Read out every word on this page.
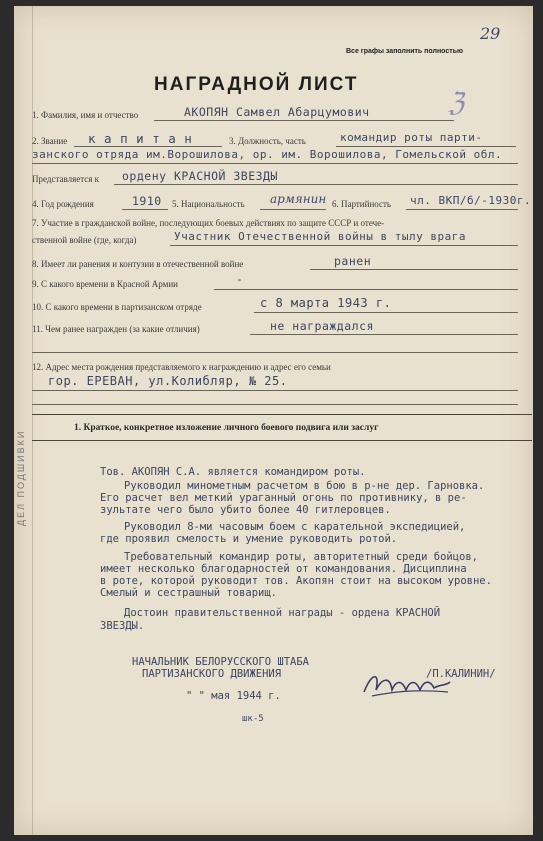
ДЕЛ ПОДШИВКИ
29
Все графы заполнить полностью
НАГРАДНОЙ ЛИСТ
ℨ
1. Фамилия, имя и отчество	АКОПЯН Самвел Абарцумович
2. Звание к а п и т а н	3. Должность, часть	командир роты парти-
занского отряда им.Ворошилова, ор. им. Ворошилова, Гомельской обл.
Представляется к ордену КРАСНОЙ ЗВЕЗДЫ
4. Год рождения	1910 5. Национальность армянин 6. Партийность чл. ВКП/б/-1930г.
7. Участие в гражданской войне, последующих боевых действиях по защите СССР и отече-
ственной войне (где, когда)	Участник Отечественной войны в тылу врага
8. Имеет ли ранения и контузии в отечественной войне	ранен
9. С какого времени в Красной Армии	-
10. С какого времени в партизанском отряде	с 8 марта 1943 г.
11. Чем ранее награжден (за какие отличия)	не награждался
12. Адрес места рождения представляемого к награждению и адрес его семьи
гор. ЕРЕВАН, ул.Колибляр, № 25.
1. Краткое, конкретное изложение личного боевого подвига или заслуг
Тов. АКОПЯН С.А. является командиром роты.
Руководил минометным расчетом в бою в р-не дер. Гарновка.
Его расчет вел меткий ураганный огонь по противнику, в ре-
зультате чего было убито более 40 гитлеровцев.
Руководил 8-ми часовым боем с карательной экспедицией,
где проявил смелость и умение руководить ротой.
Требовательный командир роты, авторитетный среди бойцов,
имеет несколько благодарностей от командования. Дисциплина
в роте, которой руководит тов. Акопян стоит на высоком уровне.
Смелый и сестрашный товарищ.
Достоин правительственной награды - ордена КРАСНОЙ
ЗВЕЗДЫ.
НАЧАЛЬНИК БЕЛОРУССКОГО ШТАБА
ПАРТИЗАНСКОГО ДВИЖЕНИЯ	/П.КАЛИНИН/
" " мая 1944 г.
шк-5
